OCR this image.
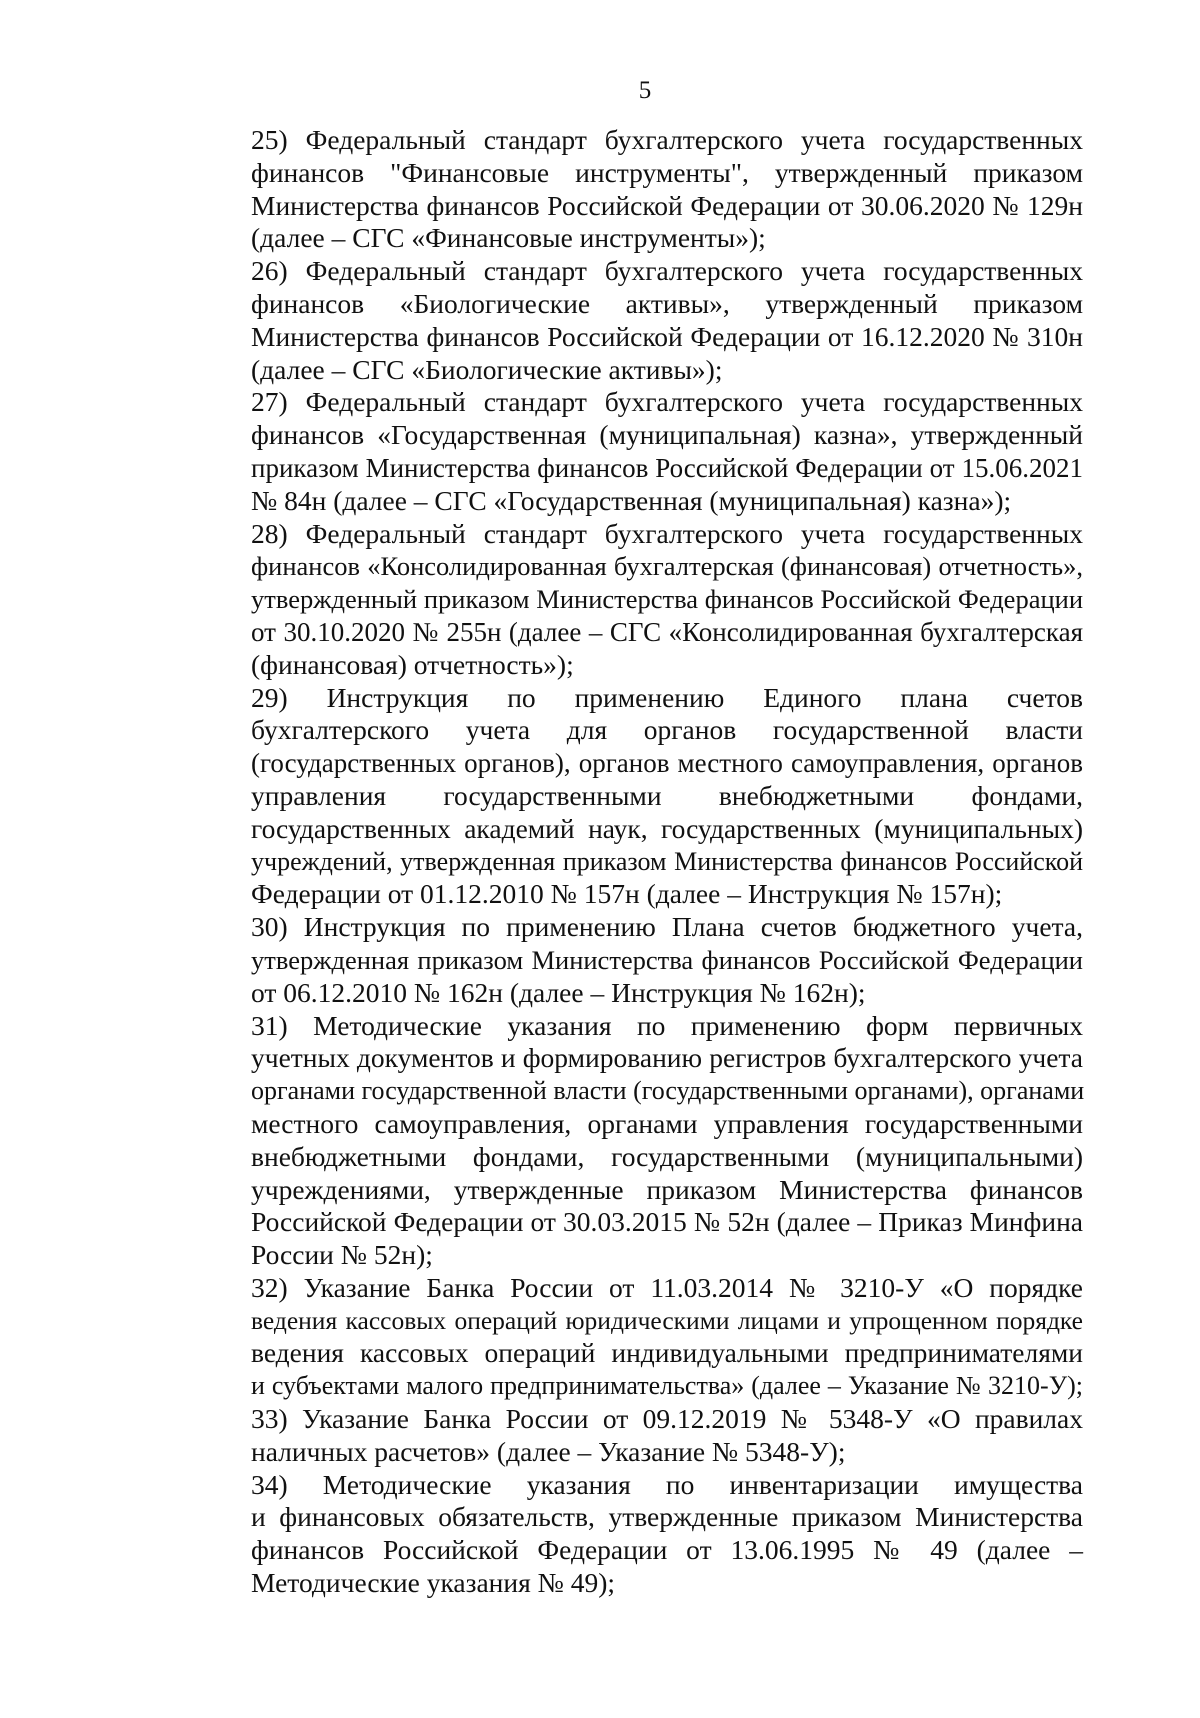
5

25) Федеральный стандарт бухгалтерского учета государственных
финансов "Финансовые инструменты", утвержденный приказом
Министерства финансов Российской Федерации от 30.06.2020 № 129н
(далее – СГС «Финансовые инструменты»);

26) Федеральный стандарт бухгалтерского учета государственных
финансов «Биологические активы», утвержденный приказом
Министерства финансов Российской Федерации от 16.12.2020 № 310н
(далее – СГС «Биологические активы»);

27) Федеральный стандарт бухгалтерского учета государственных
финансов «Государственная (муниципальная) казна», утвержденный
приказом Министерства финансов Российской Федерации от 15.06.2021
№ 84н (далее – СГС «Государственная (муниципальная) казна»);

28) Федеральный стандарт бухгалтерского учета государственных
финансов «Консолидированная бухгалтерская (финансовая) отчетность»,
утвержденный приказом Министерства финансов Российской Федерации
от 30.10.2020 № 255н (далее – СГС «Консолидированная бухгалтерская
(финансовая) отчетность»);

29) Инструкция по применению Единого плана счетов
бухгалтерского учета для органов государственной власти
(государственных органов), органов местного самоуправления, органов
управления государственными внебюджетными фондами,
государственных академий наук, государственных (муниципальных)
учреждений, утвержденная приказом Министерства финансов Российской
Федерации от 01.12.2010 № 157н (далее – Инструкция № 157н);

30) Инструкция по применению Плана счетов бюджетного учета,
утвержденная приказом Министерства финансов Российской Федерации
от 06.12.2010 № 162н (далее – Инструкция № 162н);

31) Методические указания по применению форм первичных
учетных документов и формированию регистров бухгалтерского учета
органами государственной власти (государственными органами), органами
местного самоуправления, органами управления государственными
внебюджетными фондами, государственными (муниципальными)
учреждениями, утвержденные приказом Министерства финансов
Российской Федерации от 30.03.2015 № 52н (далее – Приказ Минфина
России № 52н);

32) Указание Банка России от 11.03.2014 № 3210-У «О порядке
ведения кассовых операций юридическими лицами и упрощенном порядке
ведения кассовых операций индивидуальными предпринимателями
и субъектами малого предпринимательства» (далее – Указание № 3210-У);

33) Указание Банка России от 09.12.2019 № 5348-У «О правилах
наличных расчетов» (далее – Указание № 5348-У);

34) Методические указания по инвентаризации имущества
и финансовых обязательств, утвержденные приказом Министерства
финансов Российской Федерации от 13.06.1995 № 49 (далее –
Методические указания № 49);
